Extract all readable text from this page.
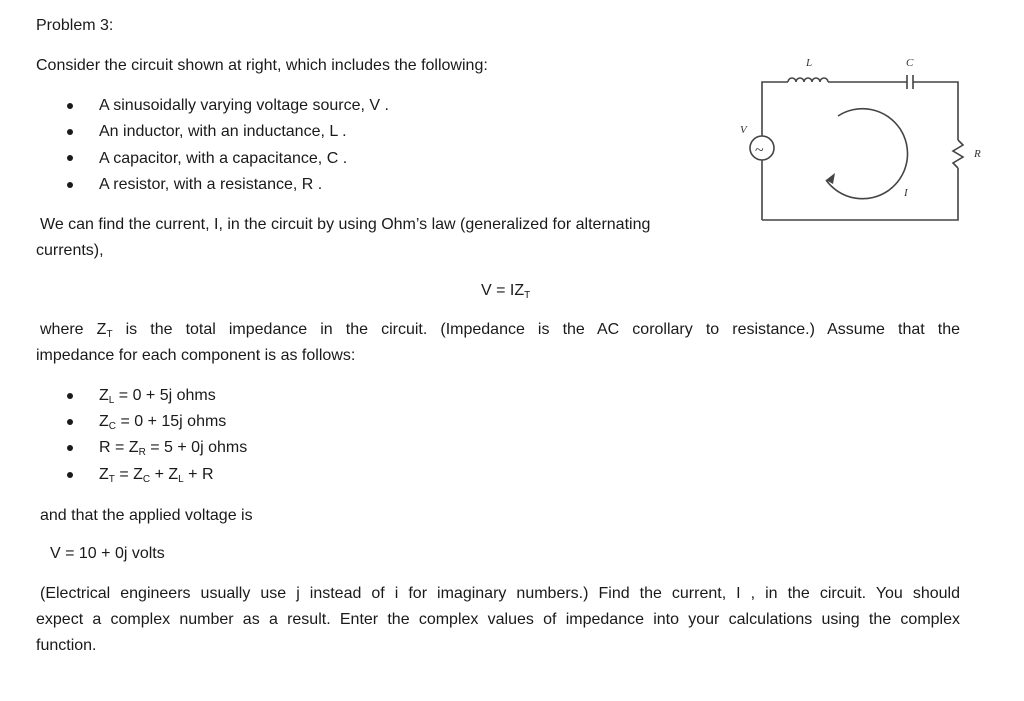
Problem 3:
Consider the circuit shown at right, which includes the following:
A sinusoidally varying voltage source, V .
An inductor, with an inductance, L .
A capacitor, with a capacitance, C .
A resistor, with a resistance, R .
We can find the current, I, in the circuit by using Ohm’s law (generalized for alternating
currents),
$V = IZ_T$
where $Z_T$ is the total impedance in the circuit. (Impedance is the AC corollary to resistance.) Assume that the
impedance for each component is as follows:
$Z_L = 0 + 5j$ ohms
$Z_C = 0 + 15j$ ohms
$R = Z_R = 5 + 0j$ ohms
$Z_T = Z_C + Z_L + R$
and that the applied voltage is
V = 10 + 0j volts
(Electrical engineers usually use j instead of i for imaginary numbers.) Find the current, I , in the circuit. You should
expect a complex number as a result. Enter the complex values of impedance into your calculations using the complex
function.
~
L	C
V
R
I
